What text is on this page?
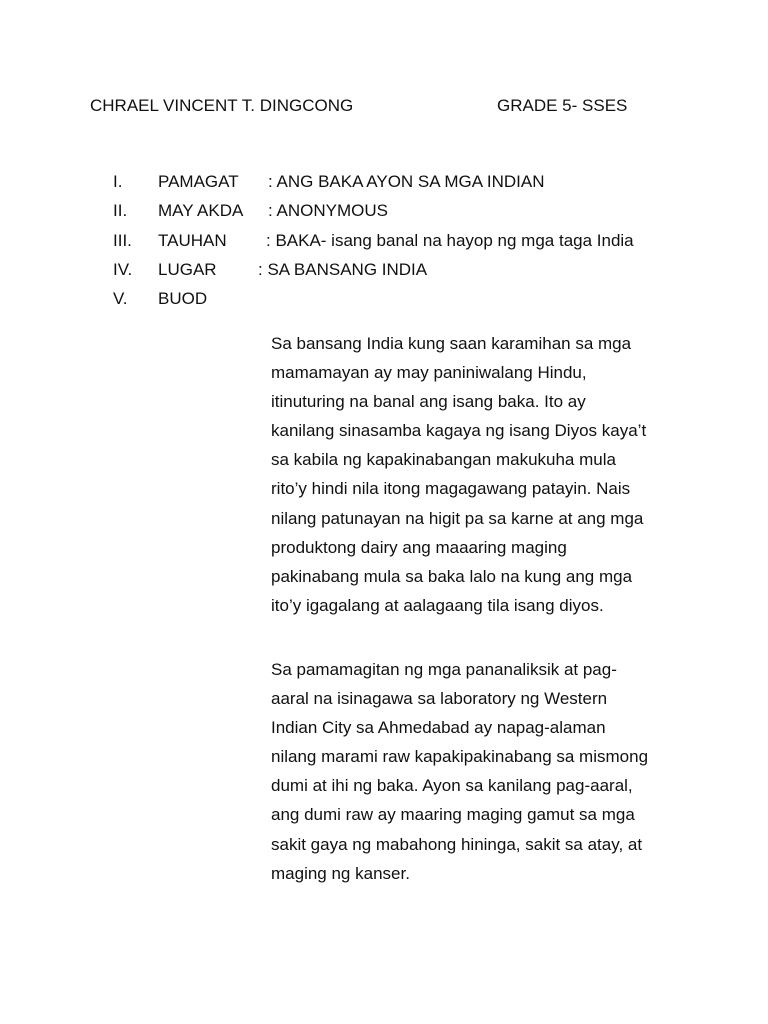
CHRAEL VINCENT T. DINGCONG	GRADE 5- SSES
I. PAMAGAT : ANG BAKA AYON SA MGA INDIAN
II. MAY AKDA : ANONYMOUS
III. TAUHAN : BAKA- isang banal na hayop ng mga taga India
IV. LUGAR : SA BANSANG INDIA
V. BUOD
Sa bansang India kung saan karamihan sa mga
mamamayan ay may paniniwalang Hindu,
itinuturing na banal ang isang baka. Ito ay
kanilang sinasamba kagaya ng isang Diyos kaya’t
sa kabila ng kapakinabangan makukuha mula
rito’y hindi nila itong magagawang patayin. Nais
nilang patunayan na higit pa sa karne at ang mga
produktong dairy ang maaaring maging
pakinabang mula sa baka lalo na kung ang mga
ito’y igagalang at aalagaang tila isang diyos.
Sa pamamagitan ng mga pananaliksik at pag-
aaral na isinagawa sa laboratory ng Western
Indian City sa Ahmedabad ay napag-alaman
nilang marami raw kapakipakinabang sa mismong
dumi at ihi ng baka. Ayon sa kanilang pag-aaral,
ang dumi raw ay maaring maging gamut sa mga
sakit gaya ng mabahong hininga, sakit sa atay, at
maging ng kanser.
